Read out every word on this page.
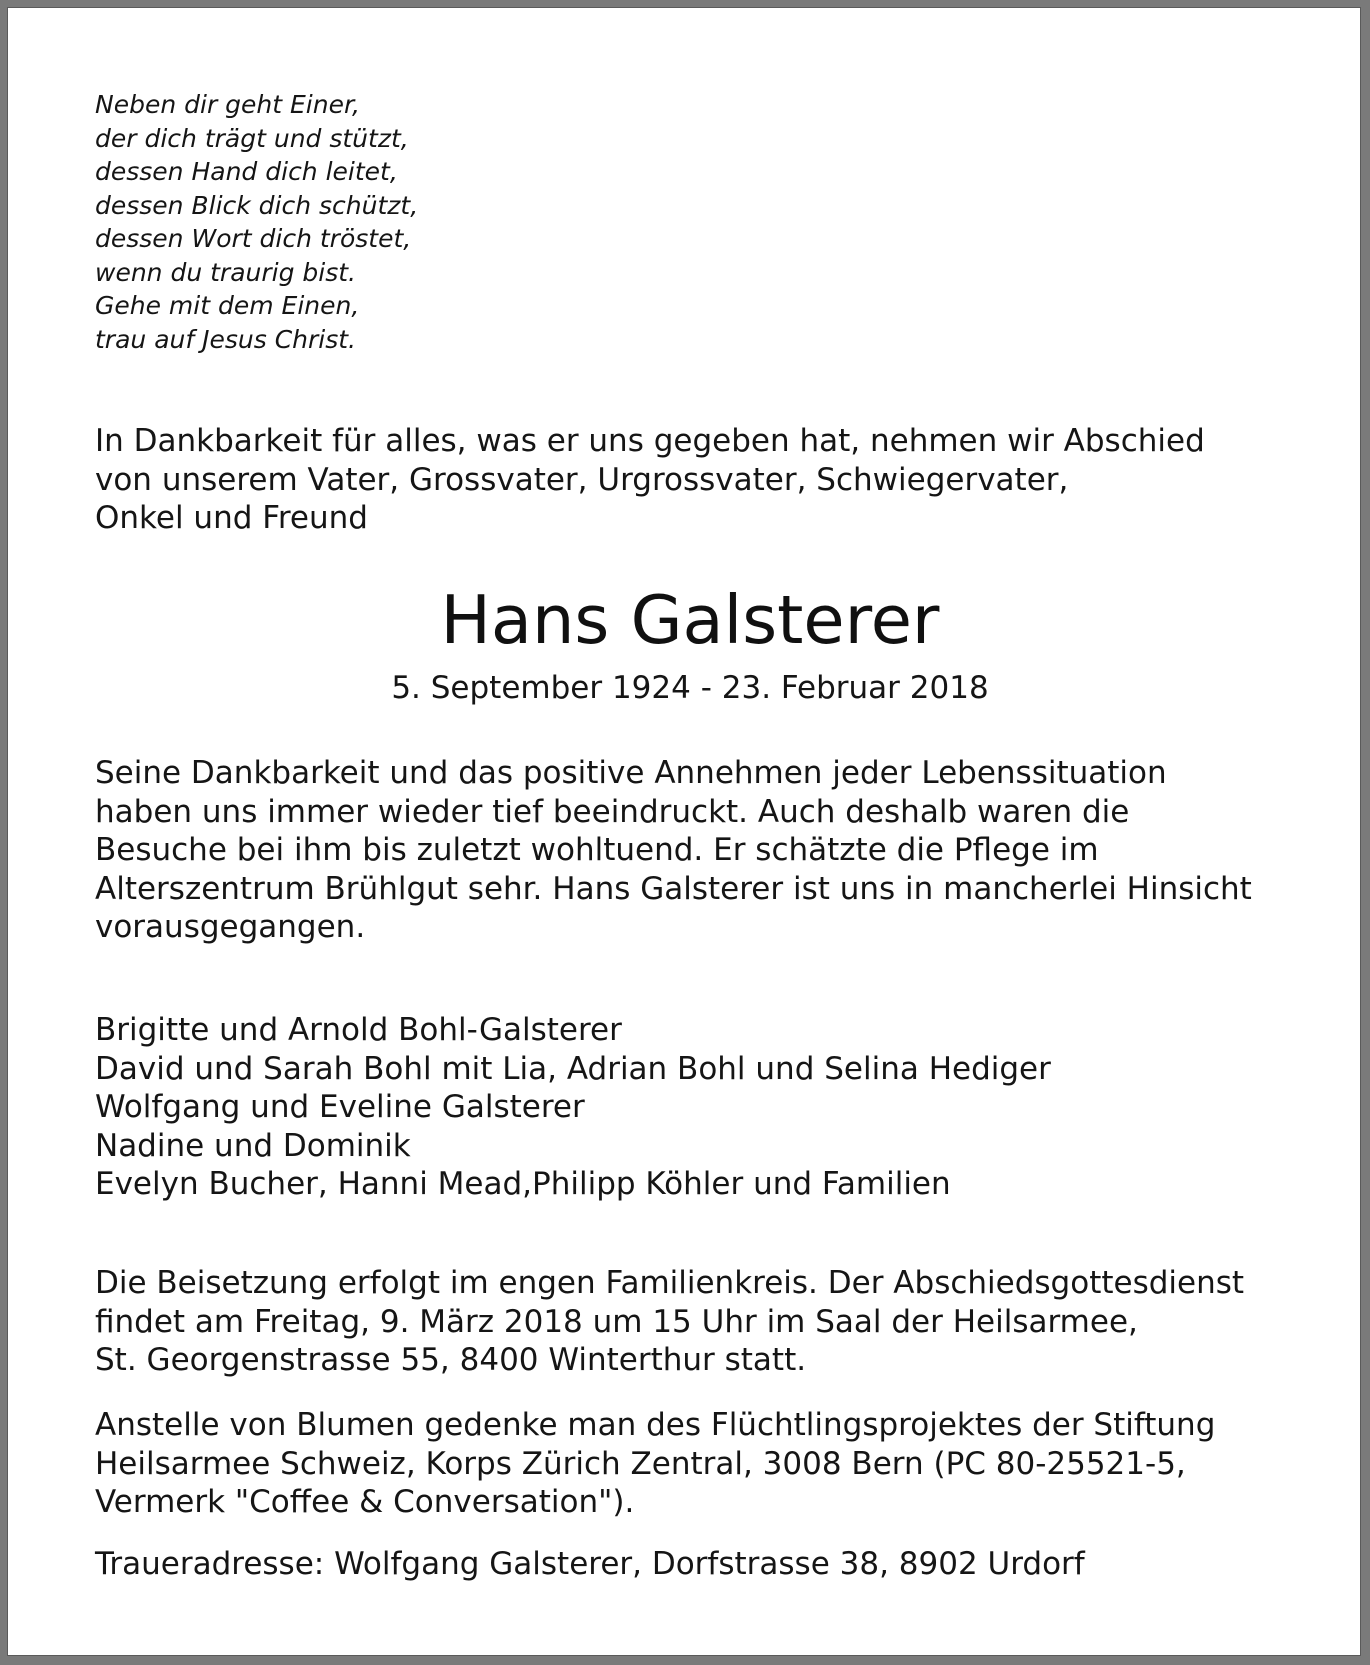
Neben dir geht Einer,
der dich trägt und stützt,
dessen Hand dich leitet,
dessen Blick dich schützt,
dessen Wort dich tröstet,
wenn du traurig bist.
Gehe mit dem Einen,
trau auf Jesus Christ.
In Dankbarkeit für alles, was er uns gegeben hat, nehmen wir Abschied
von unserem Vater, Grossvater, Urgrossvater, Schwiegervater,
Onkel und Freund
Hans Galsterer
5. September 1924 - 23. Februar 2018
Seine Dankbarkeit und das positive Annehmen jeder Lebenssituation
haben uns immer wieder tief beeindruckt. Auch deshalb waren die
Besuche bei ihm bis zuletzt wohltuend. Er schätzte die Pflege im
Alterszentrum Brühlgut sehr. Hans Galsterer ist uns in mancherlei Hinsicht
vorausgegangen.
Brigitte und Arnold Bohl-Galsterer
David und Sarah Bohl mit Lia, Adrian Bohl und Selina Hediger
Wolfgang und Eveline Galsterer
Nadine und Dominik
Evelyn Bucher, Hanni Mead,Philipp Köhler und Familien
Die Beisetzung erfolgt im engen Familienkreis. Der Abschiedsgottesdienst
findet am Freitag, 9. März 2018 um 15 Uhr im Saal der Heilsarmee,
St. Georgenstrasse 55, 8400 Winterthur statt.
Anstelle von Blumen gedenke man des Flüchtlingsprojektes der Stiftung
Heilsarmee Schweiz, Korps Zürich Zentral, 3008 Bern (PC 80-25521-5,
Vermerk "Coffee & Conversation").
Traueradresse: Wolfgang Galsterer, Dorfstrasse 38, 8902 Urdorf
